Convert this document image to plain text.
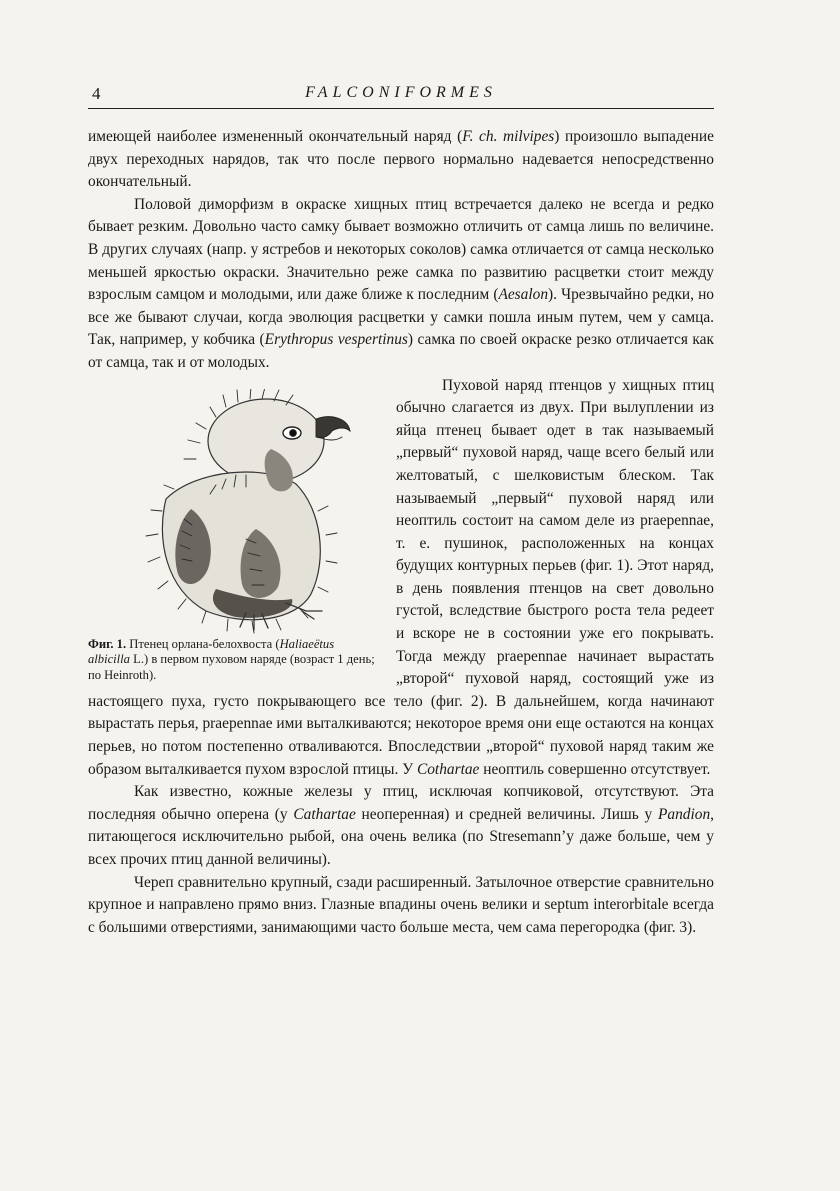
4	FALCONIFORMES

имеющей наиболее измененный окончательный наряд (F. ch. milvipes) произошло выпадение двух переходных нарядов, так что после первого нормально надевается непосредственно окончательный.

Половой диморфизм в окраске хищных птиц встречается далеко не всегда и редко бывает резким. Довольно часто самку бывает возможно отличить от самца лишь по величине. В других случаях (напр. у ястребов и некоторых соколов) самка отличается от самца несколько меньшей яркостью окраски. Значительно реже самка по развитию расцветки стоит между взрослым самцом и молодыми, или даже ближе к последним (Aesalon). Чрезвычайно редки, но все же бывают случаи, когда эволюция расцветки у самки пошла иным путем, чем у самца. Так, например, у кобчика (Erythropus vespertinus) самка по своей окраске резко отличается как от самца, так и от молодых.

Фиг. 1. Птенец орлана-белохвоста (Haliaeëtus albicilla L.) в первом пуховом наряде (возраст 1 день; по Heinroth).

Пуховой наряд птенцов у хищных птиц обычно слагается из двух. При вылуплении из яйца птенец бывает одет в так называемый „первый“ пуховой наряд, чаще всего белый или желтоватый, с шелковистым блеском. Так называемый „первый“ пуховой наряд или неоптиль состоит на самом деле из praepennae, т. е. пушинок, расположенных на концах будущих контурных перьев (фиг. 1). Этот наряд, в день появления птенцов на свет довольно густой, вследствие быстрого роста тела редеет и вскоре не в состоянии уже его покрывать. Тогда между praepennae начинает вырастать „второй“ пуховой наряд, состоящий уже из настоящего пуха, густо покрывающего все тело (фиг. 2). В дальнейшем, когда начинают вырастать перья, praepennae ими выталкиваются; некоторое время они еще остаются на концах перьев, но потом постепенно отваливаются. Впоследствии „второй“ пуховой наряд таким же образом выталкивается пухом взрослой птицы. У Cothartae неоптиль совершенно отсутствует.

Как известно, кожные железы у птиц, исключая копчиковой, отсутствуют. Эта последняя обычно оперена (у Cathartae неоперенная) и средней величины. Лишь у Pandion, питающегося исключительно рыбой, она очень велика (по Stresemann’у даже больше, чем у всех прочих птиц данной величины).

Череп сравнительно крупный, сзади расширенный. Затылочное отверстие сравнительно крупное и направлено прямо вниз. Глазные впадины очень велики и septum interorbitale всегда с большими отверстиями, занимающими часто больше места, чем сама перегородка (фиг. 3).
